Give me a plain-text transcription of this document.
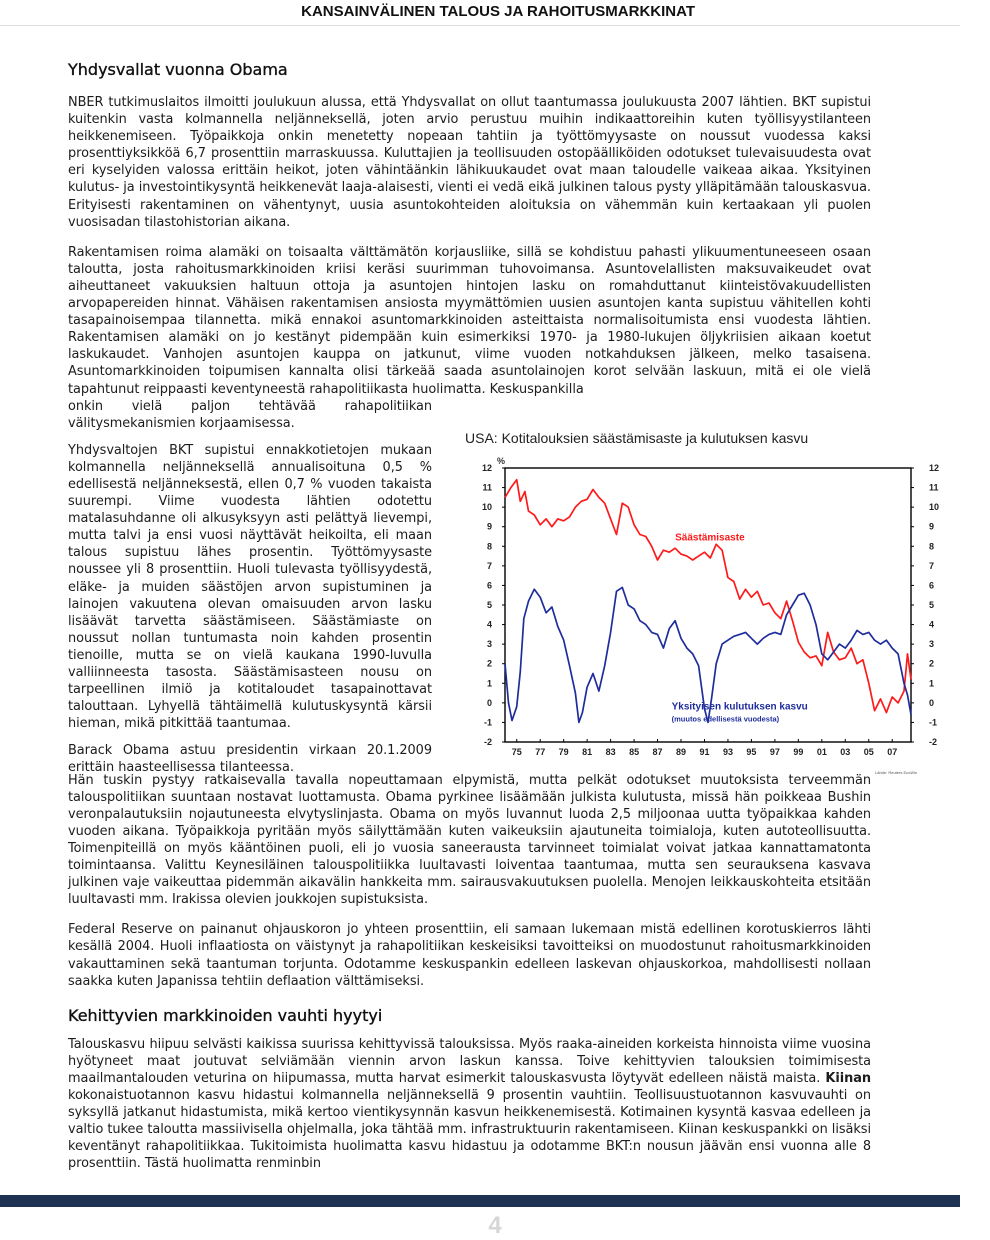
KANSAINVÄLINEN TALOUS JA RAHOITUSMARKKINAT
Yhdysvallat vuonna Obama

NBER tutkimuslaitos ilmoitti joulukuun alussa, että Yhdysvallat on ollut taantumassa joulukuusta 2007 lähtien. BKT supistui kuitenkin vasta kolmannella neljänneksellä, joten arvio perustuu muihin indikaattoreihin kuten työllisyystilanteen heikkenemiseen. Työpaikkoja onkin menetetty nopeaan tahtiin ja työttömyysaste on noussut vuodessa kaksi prosenttiyksikköä 6,7 prosenttiin marraskuussa. Kuluttajien ja teollisuuden ostopäälliköiden odotukset tulevaisuudesta ovat eri kyselyiden valossa erittäin heikot, joten vähintäänkin lähikuukaudet ovat maan taloudelle vaikeaa aikaa. Yksityinen kulutus- ja investointikysyntä heikkenevät laaja-alaisesti, vienti ei vedä eikä julkinen talous pysty ylläpitämään talouskasvua. Erityisesti rakentaminen on vähentynyt, uusia asuntokohteiden aloituksia on vähemmän kuin kertaakaan yli puolen vuosisadan tilastohistorian aikana.

Rakentamisen roima alamäki on toisaalta välttämätön korjausliike, sillä se kohdistuu pahasti ylikuumentuneeseen osaan taloutta, josta rahoitusmarkkinoiden kriisi keräsi suurimman tuhovoimansa. Asuntovelallisten maksuvaikeudet ovat aiheuttaneet vakuuksien haltuun ottoja ja asuntojen hintojen lasku on romahduttanut kiinteistövakuudellisten arvopapereiden hinnat. Vähäisen rakentamisen ansiosta myymättömien uusien asuntojen kanta supistuu vähitellen kohti tasapainoisempaa tilannetta. mikä ennakoi asuntomarkkinoiden asteittaista normalisoitumista ensi vuodesta lähtien. Rakentamisen alamäki on jo kestänyt pidempään kuin esimerkiksi 1970- ja 1980-lukujen öljykriisien aikaan koetut laskukaudet. Vanhojen asuntojen kauppa on jatkunut, viime vuoden notkahduksen jälkeen, melko tasaisena. Asuntomarkkinoiden toipumisen kannalta olisi tärkeää saada asuntolainojen korot selvään laskuun, mitä ei ole vielä tapahtunut reippaasti keventyneestä rahapolitiikasta huolimatta. Keskuspankilla

onkin vielä paljon tehtävää rahapolitiikan välitysmekanismien korjaamisessa.

Yhdysvaltojen BKT supistui ennakkotietojen mukaan kolmannella neljänneksellä annualisoituna 0,5 % edellisestä neljänneksestä, ellen 0,7 % vuoden takaista suurempi. Viime vuodesta lähtien odotettu matalasuhdanne oli alkusyksyyn asti pelättyä lievempi, mutta talvi ja ensi vuosi näyttävät heikoilta, eli maan talous supistuu lähes prosentin. Työttömyysaste noussee yli 8 prosenttiin. Huoli tulevasta työllisyydestä, eläke- ja muiden säästöjen arvon supistuminen ja lainojen vakuutena olevan omaisuuden arvon lasku lisäävät tarvetta säästämiseen. Säästämiaste on noussut nollan tuntumasta noin kahden prosentin tienoille, mutta se on vielä kaukana 1990-luvulla valliinneesta tasosta. Säästämisasteen nousu on tarpeellinen ilmiö ja kotitaloudet tasapainottavat talouttaan. Lyhyellä tähtäimellä kulutuskysyntä kärsii hieman, mikä pitkittää taantumaa.

Barack Obama astuu presidentin virkaan 20.1.2009 erittäin haasteellisessa tilanteessa.

USA: Kotitalouksien säästämisaste ja kulutuksen kasvu
%
12	12
11	11
10	10
9	9
8	8
7	7
6	6
5	5
4	4
3	3
2	2
1	1
0	0
-1	-1
-2	-2
75 77 79 81 83 85 87 89 91 93 95 97 99 01 03 05 07
Säästämisaste
Yksityisen kulutuksen kasvu
(muutos edellisestä vuodesta)
Lähde: Reuters EcoWin

Hän tuskin pystyy ratkaisevalla tavalla nopeuttamaan elpymistä, mutta pelkät odotukset muutoksista terveemmän talouspolitiikan suuntaan nostavat luottamusta. Obama pyrkinee lisäämään julkista kulutusta, missä hän poikkeaa Bushin veronpalautuksiin nojautuneesta elvytyslinjasta. Obama on myös luvannut luoda 2,5 miljoonaa uutta työpaikkaa kahden vuoden aikana. Työpaikkoja pyritään myös säilyttämään kuten vaikeuksiin ajautuneita toimialoja, kuten autoteollisuutta. Toimenpiteillä on myös kääntöinen puoli, eli jo vuosia saneerausta tarvinneet toimialat voivat jatkaa kannattamatonta toimintaansa. Valittu Keynesiläinen talouspolitiikka luultavasti loiventaa taantumaa, mutta sen seurauksena kasvava julkinen vaje vaikeuttaa pidemmän aikavälin hankkeita mm. sairausvakuutuksen puolella. Menojen leikkauskohteita etsitään luultavasti mm. Irakissa olevien joukkojen supistuksista.

Federal Reserve on painanut ohjauskoron jo yhteen prosenttiin, eli samaan lukemaan mistä edellinen korotuskierros lähti kesällä 2004. Huoli inflaatiosta on väistynyt ja rahapolitiikan keskeisiksi tavoitteiksi on muodostunut rahoitusmarkkinoiden vakauttaminen sekä taantuman torjunta. Odotamme keskuspankin edelleen laskevan ohjauskorkoa, mahdollisesti nollaan saakka kuten Japanissa tehtiin deflaation välttämiseksi.

Kehittyvien markkinoiden vauhti hyytyi

Talouskasvu hiipuu selvästi kaikissa suurissa kehittyvissä talouksissa. Myös raaka-aineiden korkeista hinnoista viime vuosina hyötyneet maat joutuvat selviämään viennin arvon laskun kanssa. Toive kehittyvien talouksien toimimisesta maailmantalouden veturina on hiipumassa, mutta harvat esimerkit talouskasvusta löytyvät edelleen näistä maista. Kiinan kokonaistuotannon kasvu hidastui kolmannella neljänneksellä 9 prosentin vauhtiin. Teollisuustuotannon kasvuvauhti on syksyllä jatkanut hidastumista, mikä kertoo vientikysynnän kasvun heikkenemisestä. Kotimainen kysyntä kasvaa edelleen ja valtio tukee taloutta massiivisella ohjelmalla, joka tähtää mm. infrastruktuurin rakentamiseen. Kiinan keskuspankki on lisäksi keventänyt rahapolitiikkaa. Tukitoimista huolimatta kasvu hidastuu ja odotamme BKT:n nousun jäävän ensi vuonna alle 8 prosenttiin. Tästä huolimatta renminbin

4
